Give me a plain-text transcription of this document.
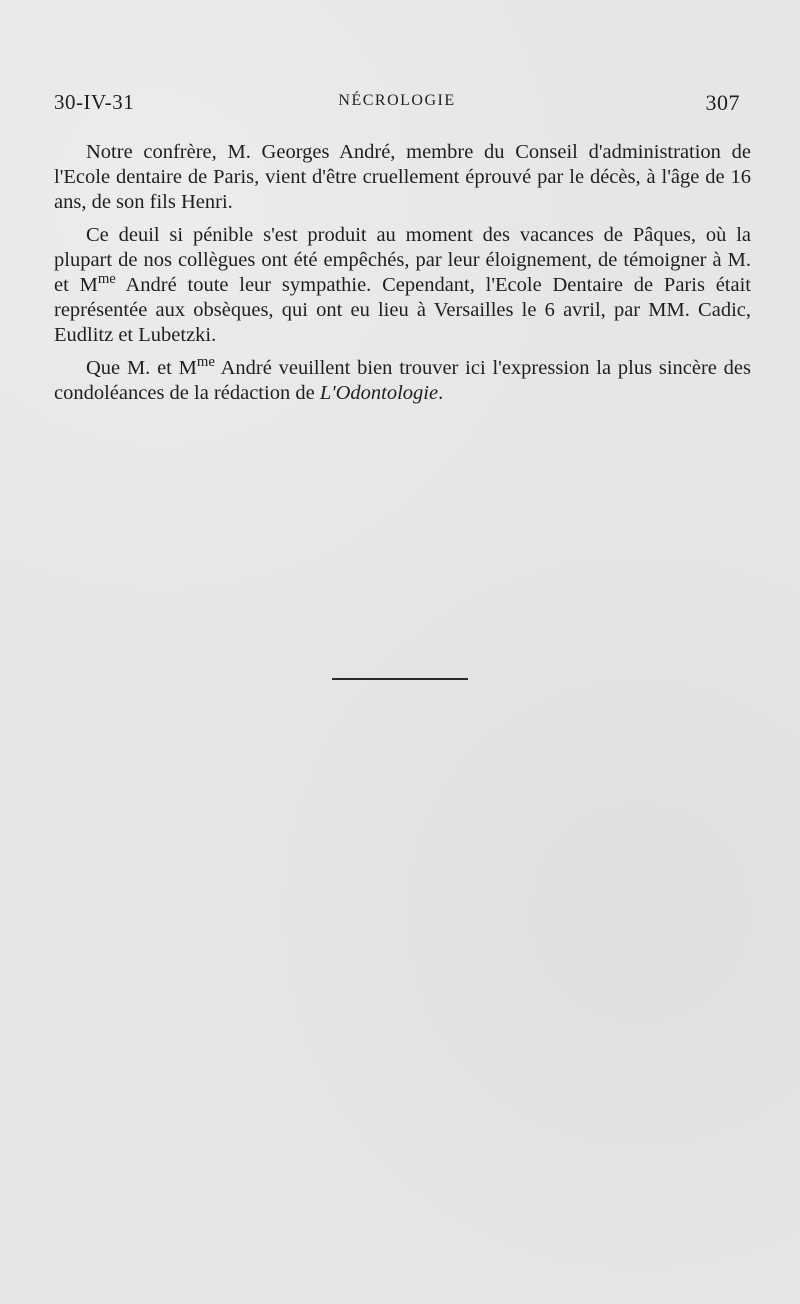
30-IV-31	NÉCROLOGIE	307

Notre confrère, M. Georges André, membre du Conseil d'administration de l'Ecole dentaire de Paris, vient d'être cruellement éprouvé par le décès, à l'âge de 16 ans, de son fils Henri.

Ce deuil si pénible s'est produit au moment des vacances de Pâques, où la plupart de nos collègues ont été empêchés, par leur éloignement, de témoigner à M. et $M^{me}$ André toute leur sympathie. Cependant, l'Ecole Dentaire de Paris était représentée aux obsèques, qui ont eu lieu à Versailles le 6 avril, par MM. Cadic, Eudlitz et Lubetzki.

Que M. et $M^{me}$ André veuillent bien trouver ici l'expression la plus sincère des condoléances de la rédaction de L'Odontologie.
